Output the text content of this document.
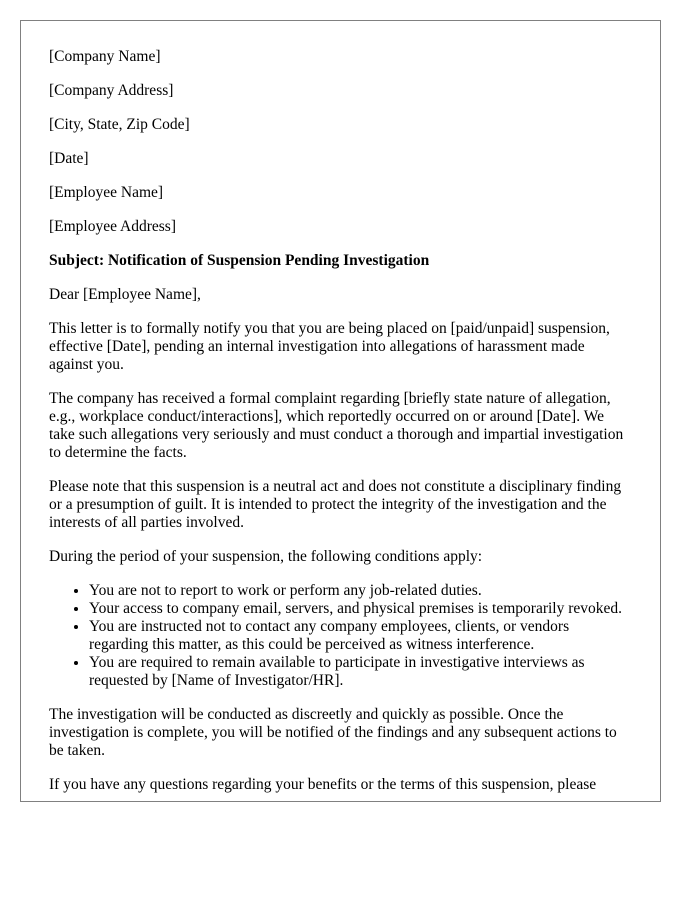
[Company Name]

[Company Address]

[City, State, Zip Code]

[Date]

[Employee Name]

[Employee Address]

Subject: Notification of Suspension Pending Investigation

Dear [Employee Name],

This letter is to formally notify you that you are being placed on [paid/unpaid] suspension, effective [Date], pending an internal investigation into allegations of harassment made against you.

The company has received a formal complaint regarding [briefly state nature of allegation, e.g., workplace conduct/interactions], which reportedly occurred on or around [Date]. We take such allegations very seriously and must conduct a thorough and impartial investigation to determine the facts.

Please note that this suspension is a neutral act and does not constitute a disciplinary finding or a presumption of guilt. It is intended to protect the integrity of the investigation and the interests of all parties involved.

During the period of your suspension, the following conditions apply:

• You are not to report to work or perform any job-related duties.
• Your access to company email, servers, and physical premises is temporarily revoked.
• You are instructed not to contact any company employees, clients, or vendors regarding this matter, as this could be perceived as witness interference.
• You are required to remain available to participate in investigative interviews as requested by [Name of Investigator/HR].

The investigation will be conducted as discreetly and quickly as possible. Once the investigation is complete, you will be notified of the findings and any subsequent actions to be taken.

If you have any questions regarding your benefits or the terms of this suspension, please
